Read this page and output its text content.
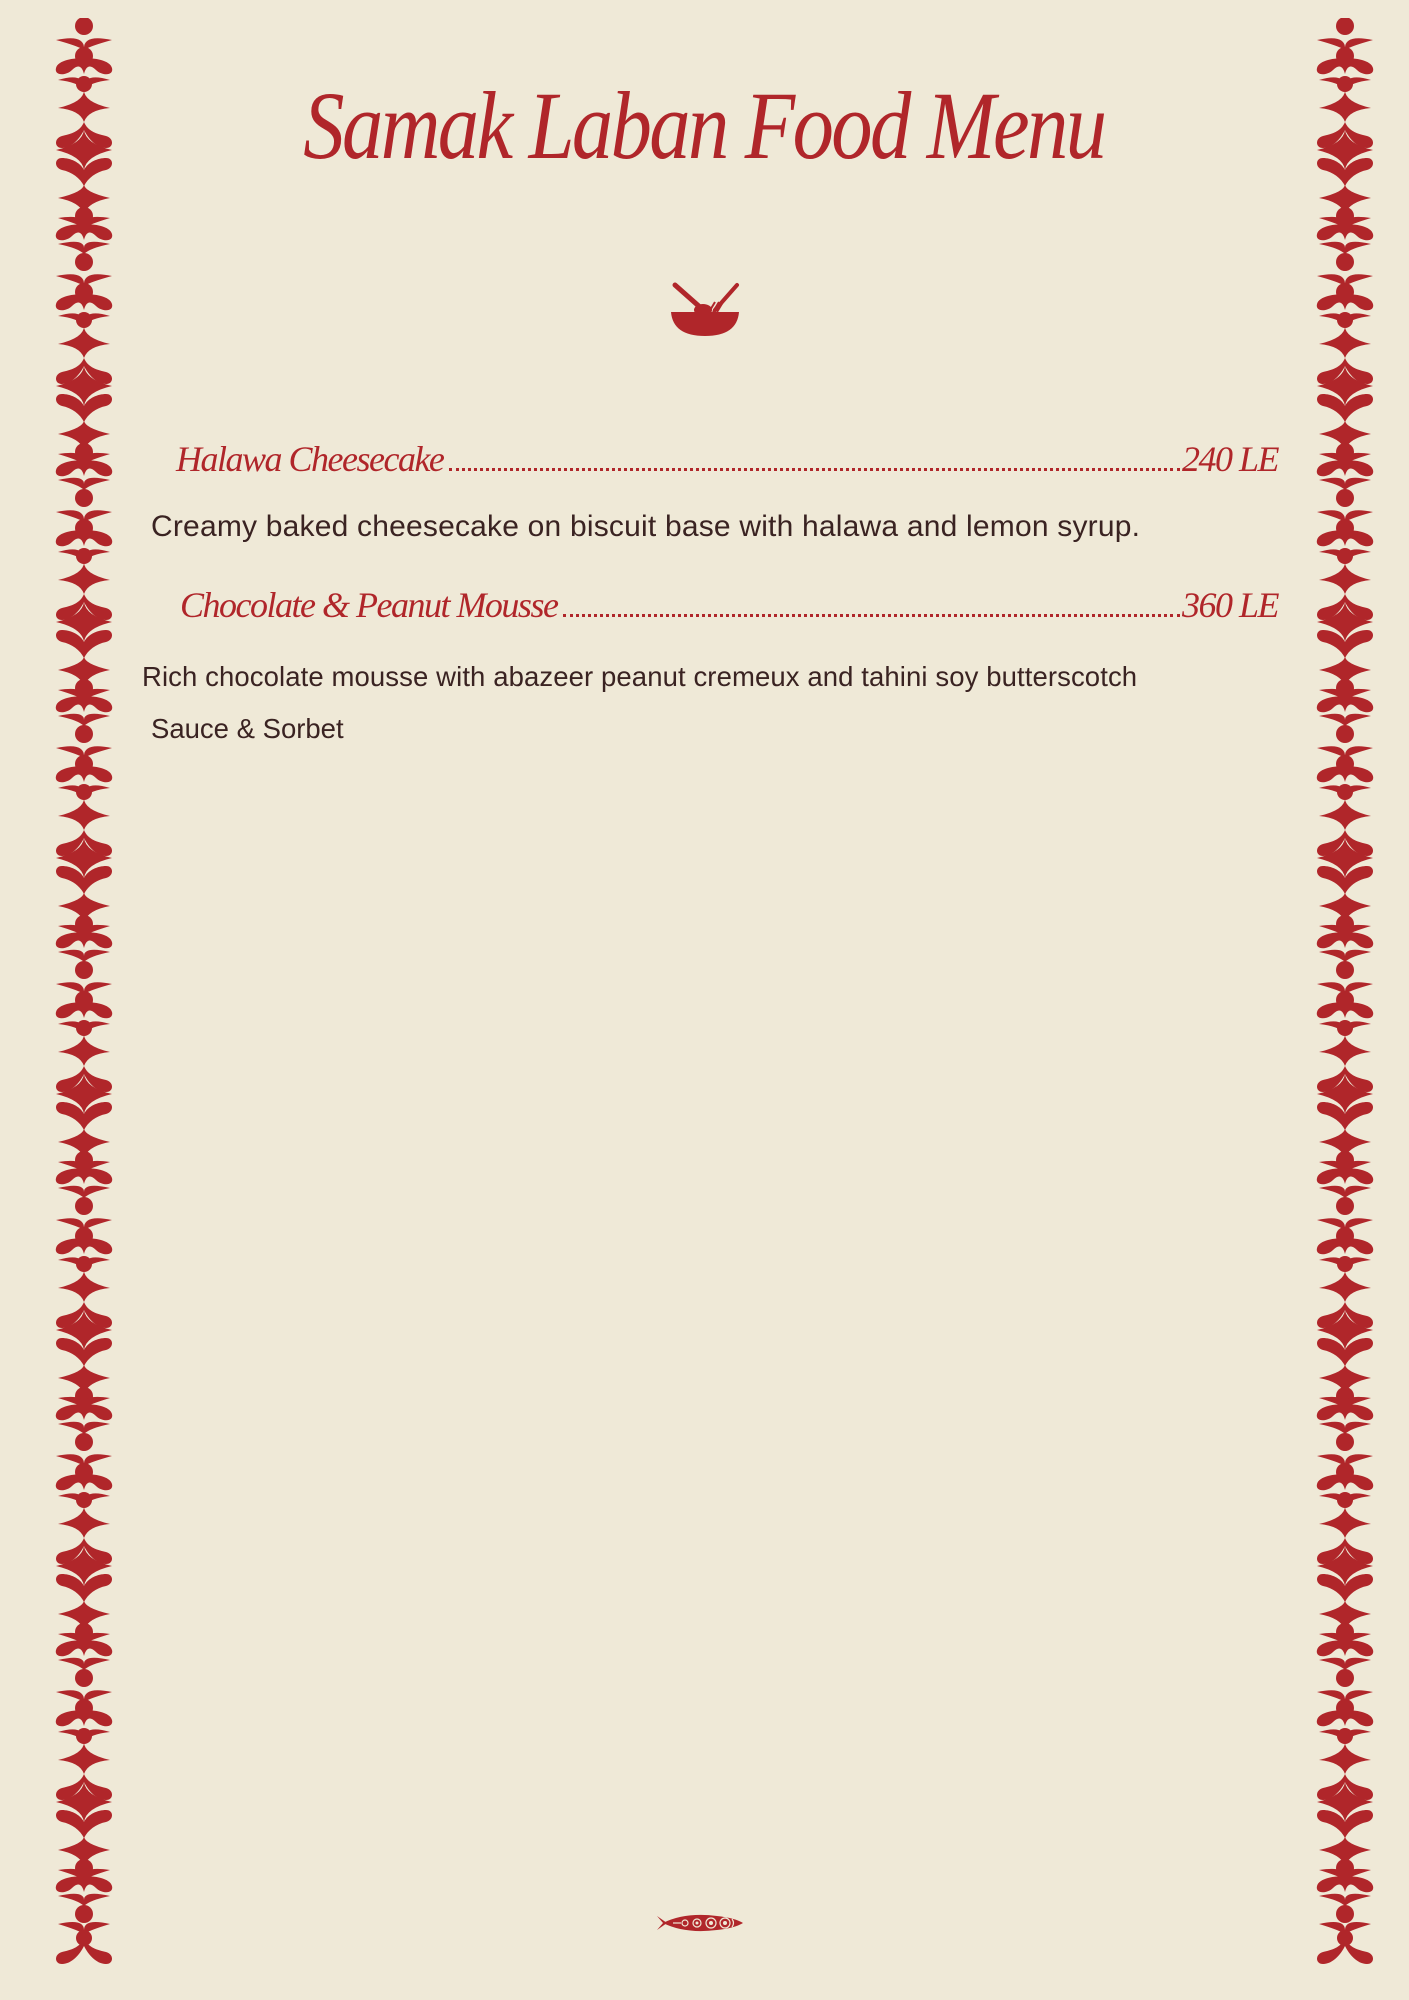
Samak Laban Food Menu
Halawa Cheesecake	240 LE
Creamy baked cheesecake on biscuit base with halawa and lemon syrup.
Chocolate & Peanut Mousse	360 LE
Rich chocolate mousse with abazeer peanut cremeux and tahini soy butterscotch
Sauce & Sorbet
